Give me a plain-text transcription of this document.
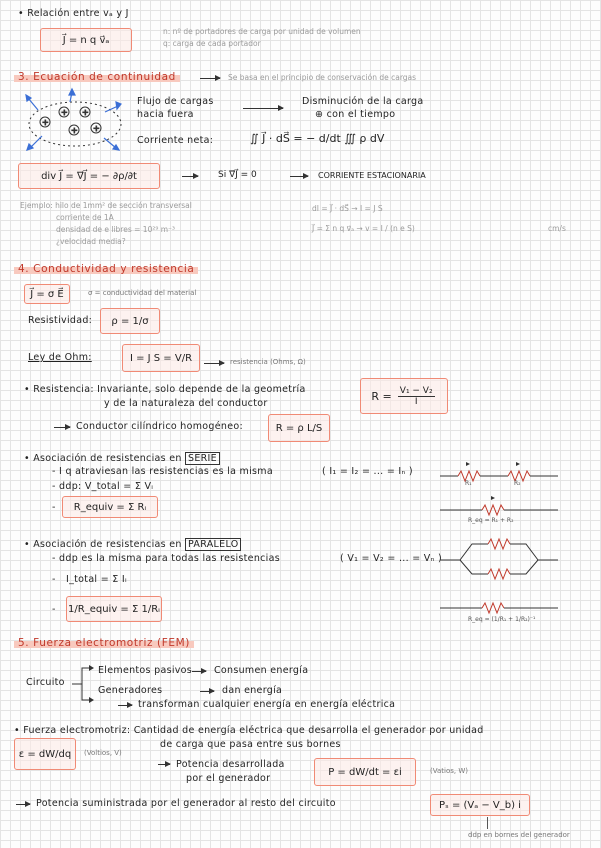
• Relación entre vₐ y J
J⃗ = n q v⃗ₐ
n: nº de portadores de carga por unidad de volumen
q: carga de cada portador
3. Ecuación de continuidad	Se basa en el principio de conservación de cargas
+
+ +
+ +
Flujo de cargas
hacia fuera
Disminución de la carga
⊕ con el tiempo
Corriente neta:	∬ J⃗ · dS⃗ = − d/dt ∭ ρ dV
div J⃗ = ∇⃗J⃗ = − ∂ρ/∂t	Si ∇⃗J⃗ = 0	CORRIENTE ESTACIONARIA
Ejemplo: hilo de 1mm² de sección transversal
corriente de 1A
densidad de e libres = 10²⁹ m⁻³
¿velocidad media?
dI = J⃗ · dS⃗ → I = J S
J⃗ = Σ n q v⃗ₐ → v = I / (n e S)	cm/s
4. Conductividad y resistencia
J⃗ = σ E⃗	σ = conductividad del material
Resistividad: ρ = 1/σ
Ley de Ohm:	I = J S = V/R	resistencia (Ohms, Ω)
• Resistencia: Invariante, solo depende de la geometría
y de la naturaleza del conductor
$R = \frac{\text{V₁ − V₂}}{I}$
Conductor cilíndrico homogéneo:	R = ρ L/S
• Asociación de resistencias en SERIE
- I q atraviesan las resistencias es la misma	( I₁ = I₂ = ... = Iₙ )
- ddp: V_total = Σ Vᵢ
- R_equiv = Σ Rᵢ
R₁	R₂
R_eq = R₁ + R₂
• Asociación de resistencias en PARALELO
- ddp es la misma para todas las resistencias	( V₁ = V₂ = ... = Vₙ )
- I_total = Σ Iᵢ
- 1/R_equiv = Σ 1/Rᵢ
R_eq = (1/R₁ + 1/R₂)⁻¹
5. Fuerza electromotriz (FEM)
Circuito
Elementos pasivos Consumen energía
Generadores	dan energía
transforman cualquier energía en energía eléctrica
• Fuerza electromotriz: Cantidad de energía eléctrica que desarrolla el generador por unidad
de carga que pasa entre sus bornes
ε = dW/dq (Voltios, V)
Potencia desarrollada
por el generador
P = dW/dt = εi	(Vatios, W)
Potencia suministrada por el generador al resto del circuito	Pₛ = (Vₐ − V_b) i
ddp en bornes del generador
